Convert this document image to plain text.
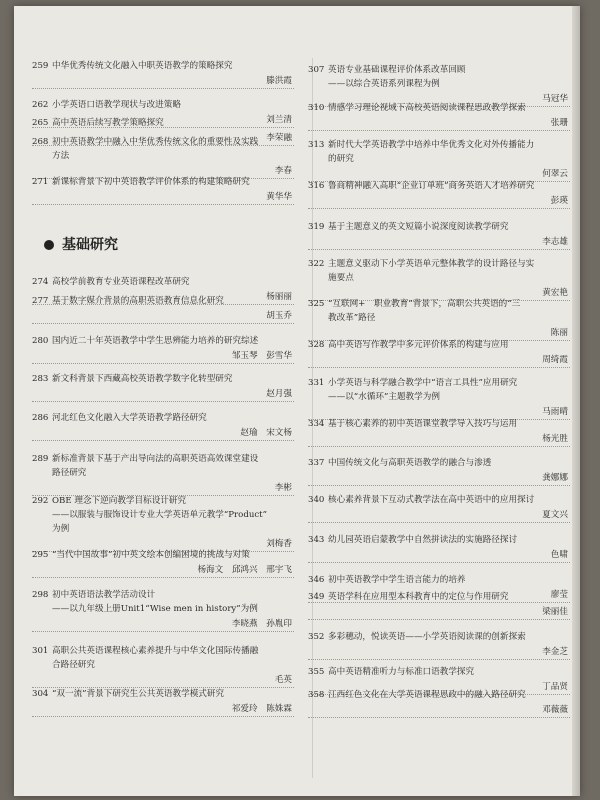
259 中华优秀传统文化融入中职英语教学的策略探究
滕洪霞
262 小学英语口语教学现状与改进策略
刘兰清
265 高中英语后续写教学策略探究
李荣融
268 初中英语教学中融入中华优秀传统文化的重要性及实践
方法
李春
271 新课标背景下初中英语教学评价体系的构建策略研究
黄华华
274 高校学前教育专业英语课程改革研究
杨丽丽
277 基于数字媒介背景的高职英语教育信息化研究
胡玉乔
280 国内近二十年英语教学中学生思辨能力培养的研究综述
邹玉琴　彭雪华
283 新文科背景下西藏高校英语教学数字化转型研究
赵月强
286 河北红色文化融入大学英语教学路径研究
赵瑜　宋文杨
289 新标准背景下基于产出导向法的高职英语高效课堂建设
路径研究
李彬
292 OBE 理念下逆向教学目标设计研究
——以服装与服饰设计专业大学英语单元教学“Product”
为例
刘梅香
295 “当代中国故事”初中英文绘本创编困境的挑战与对策
杨海文　邱鸿兴　邢宇飞
298 初中英语语法教学活动设计
——以九年级上册Unit1“Wise men in history”为例
李晓燕　孙胤印
301 高职公共英语课程核心素养提升与中华文化国际传播融
合路径研究
毛英
304 “双一流”背景下研究生公共英语教学模式研究
祁爱玲　陈姝霖
基础研究
307 英语专业基础课程评价体系改革回顾
——以综合英语系列课程为例
马冠华
310 情感学习理论视域下高校英语阅读课程思政教学探索
张珊
313 新时代大学英语教学中培养中华优秀文化对外传播能力
的研究
何翠云
316 鲁商精神融入高职“企业订单班”商务英语人才培养研究
彭瑛
319 基于主题意义的英文短篇小说深度阅读教学研究
李志雄
322 主题意义驱动下小学英语单元整体教学的设计路径与实
施要点
黄宏艳
325 “互联网+　职业教育”背景下，高职公共英语的“三
教改革”路径
陈丽
328 高中英语写作教学中多元评价体系的构建与应用
周绮霞
331 小学英语与科学融合教学中“语言工具性”应用研究
——以“水循环”主题教学为例
马雨晴
334 基于核心素养的初中英语课堂教学导入技巧与运用
杨光胜
337 中国传统文化与高职英语教学的融合与渗透
龚娜娜
340 核心素养背景下互动式教学法在高中英语中的应用探讨
夏文兴
343 幼儿园英语启蒙教学中自然拼读法的实施路径探讨
色啸
346 初中英语教学中学生语言能力的培养
廖莹
349 英语学科在应用型本科教育中的定位与作用研究
梁丽佳
352 多彩穗动，悦读英语——小学英语阅读课的创新探索
李金芝
355 高中英语精准听力与标准口语教学探究
丁品贤
358 江西红色文化在大学英语课程思政中的融入路径研究
邓薇薇
